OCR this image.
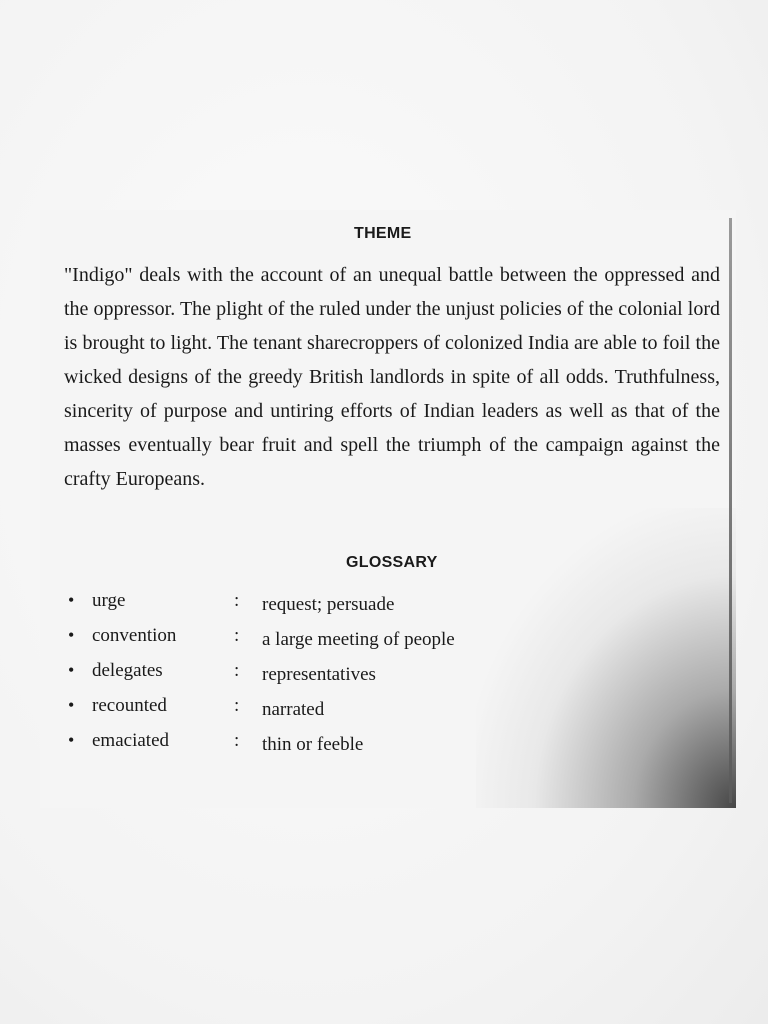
THEME

"Indigo" deals with the account of an unequal battle between the oppressed and the oppressor. The plight of the ruled under the unjust policies of the colonial lord is brought to light. The tenant sharecroppers of colonized India are able to foil the wicked designs of the greedy British landlords in spite of all odds. Truthfulness, sincerity of purpose and untiring efforts of Indian leaders as well as that of the masses eventually bear fruit and spell the triumph of the campaign against the crafty Europeans.

GLOSSARY
• urge	: request; persuade
• convention	: a large meeting of people
• delegates	: representatives
• recounted	: narrated
• emaciated	: thin or feeble
